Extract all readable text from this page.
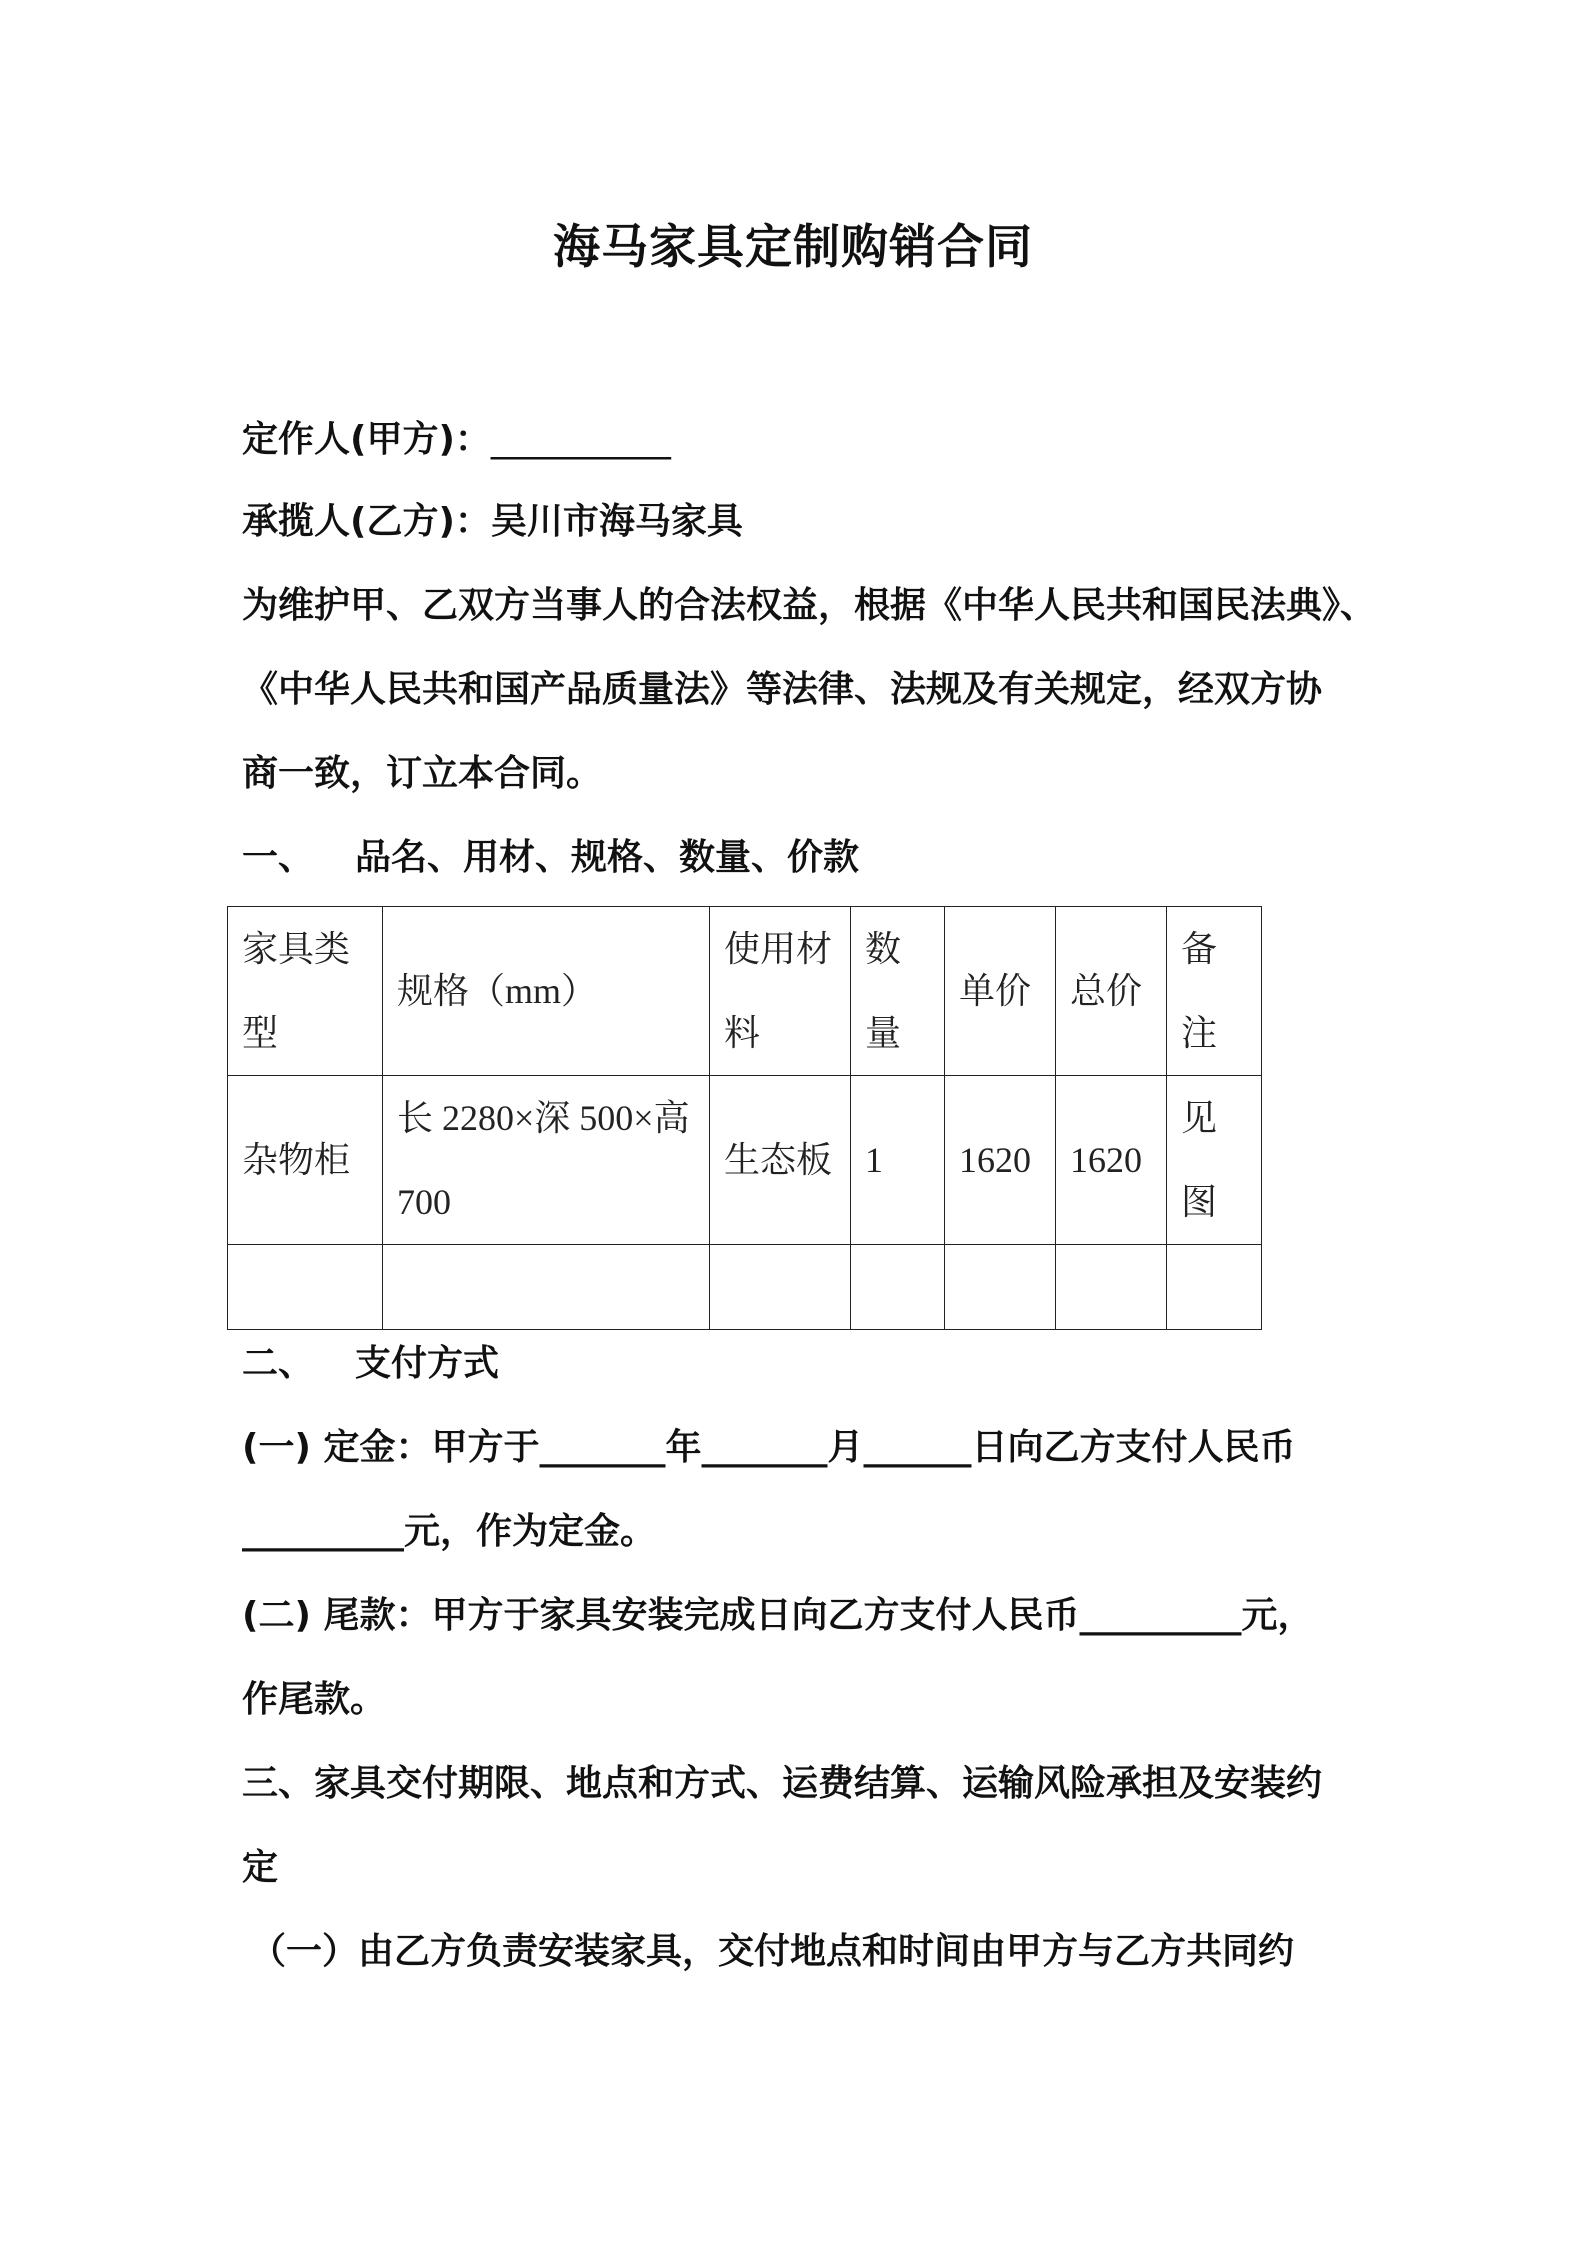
海马家具定制购销合同
定作人(甲方)：__________
承揽人(乙方)：吴川市海马家具
为维护甲、乙双方当事人的合法权益，根据《中华人民共和国民法典》、
《中华人民共和国产品质量法》等法律、法规及有关规定，经双方协
商一致，订立本合同。
一、 品名、用材、规格、数量、价款
家具类型	规格（mm）	使用材料	数量	单价	总价	备注

杂物柜	长 2280×深 500×高 700	生态板	1	1620	1620	见图

二、 支付方式
(一) 定金：甲方于_______年_______月______日向乙方支付人民币
_________元，作为定金。
(二) 尾款：甲方于家具安装完成日向乙方支付人民币_________元，
作尾款。
三、家具交付期限、地点和方式、运费结算、运输风险承担及安装约
定
（一）由乙方负责安装家具，交付地点和时间由甲方与乙方共同约
